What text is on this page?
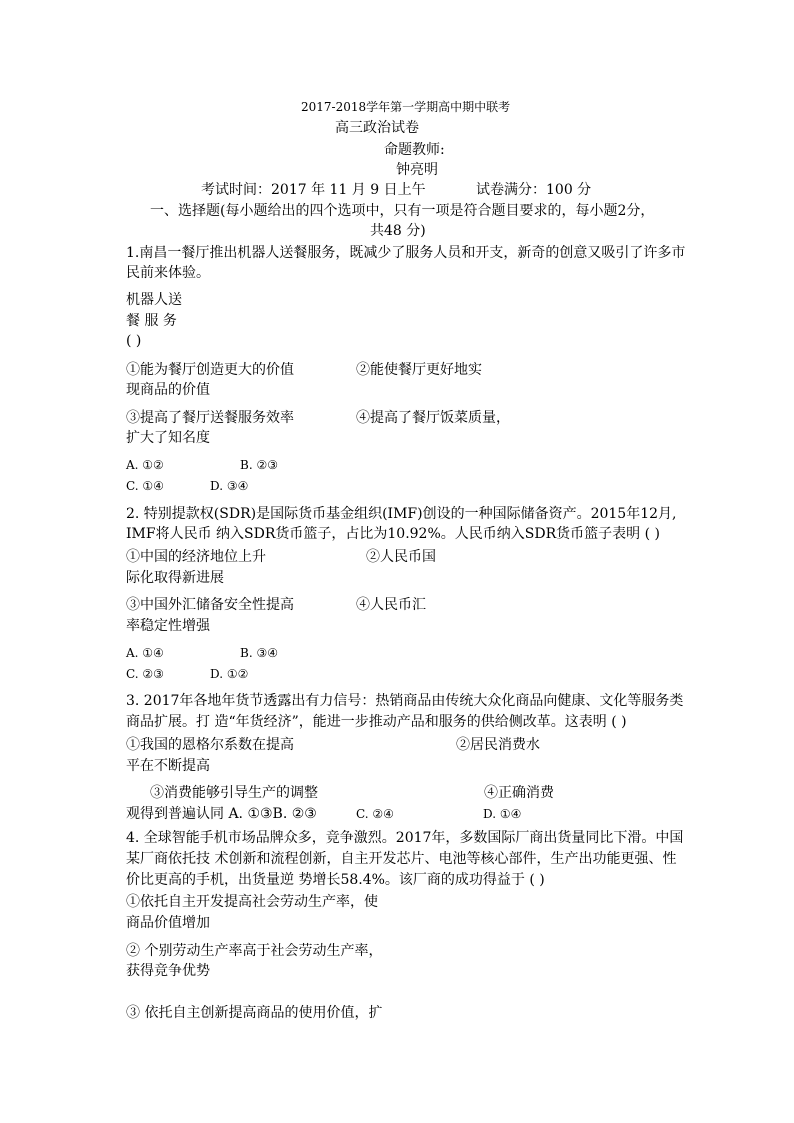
2017-2018学年第一学期高中期中联考
高三政治试卷
命题教师:
钟亮明
考试时间：2017 年 11 月 9 日上午	试卷满分：100 分
一、选择题(每小题给出的四个选项中，只有一项是符合题目要求的，每小题2分，
共48 分)
1.南昌一餐厅推出机器人送餐服务，既减少了服务人员和开支，新奇的创意又吸引了许多市
民前来体验。
机器人送
餐 服 务
( )
①能为餐厅创造更大的价值	②能使餐厅更好地实
现商品的价值
③提高了餐厅送餐服务效率	④提高了餐厅饭菜质量，
扩大了知名度
A. ①②	B. ②③
C. ①④	D. ③④
2. 特别提款权(SDR)是国际货币基金组织(IMF)创设的一种国际储备资产。2015年12月,
IMF将人民币 纳入SDR货币篮子，占比为10.92%。人民币纳入SDR货币篮子表明 ( )
①中国的经济地位上升	②人民币国
际化取得新进展
③中国外汇储备安全性提高	④人民币汇
率稳定性增强
A. ①④	B. ③④
C. ②③	D. ①②
3. 2017年各地年货节透露出有力信号：热销商品由传统大众化商品向健康、文化等服务类
商品扩展。打 造“年货经济”，能进一步推动产品和服务的供给侧改革。这表明 ( )
①我国的恩格尔系数在提高	②居民消费水
平在不断提高
③消费能够引导生产的调整	④正确消费
观得到普遍认同 A. ①③B. ②③	C. ②④	D. ①④
4. 全球智能手机市场品牌众多，竞争激烈。2017年，多数国际厂商出货量同比下滑。中国
某厂商依托技 术创新和流程创新，自主开发芯片、电池等核心部件，生产出功能更强、性
价比更高的手机，出货量逆 势增长58.4%。该厂商的成功得益于 ( )
①依托自主开发提高社会劳动生产率，使
商品价值增加
② 个别劳动生产率高于社会劳动生产率，
获得竞争优势
③ 依托自主创新提高商品的使用价值，扩
